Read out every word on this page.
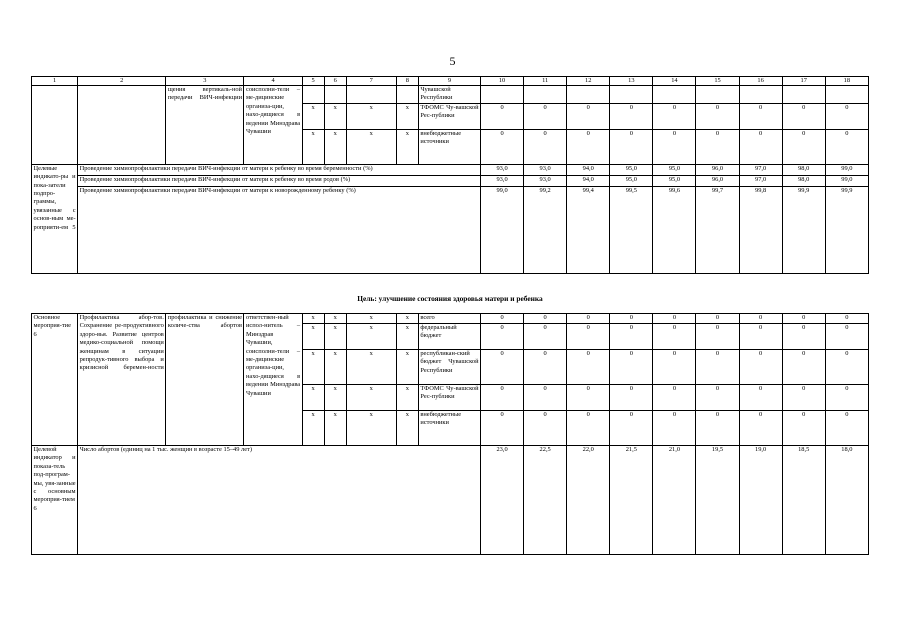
5
1	2	3	4	5	6	7	8	9	10	11	12	13	14	15	16	17	18
		щения вертикаль-ной передачи ВИЧ-инфекции	соисполни-тели – ме-дицинские организа-ции, нахо-дящиеся в ведении Минздрава Чувашии					Чувашской Республики									
				x	x	x	x	ТФОМС Чу-вашской Рес-публики	0	0	0	0	0	0	0	0	0
				x	x	x	x	внебюджетные источники	0	0	0	0	0	0	0	0	0
Целевые индикато-ры и пока-затели подпро-граммы, увязанные с основ-ным ме-роприяти-ем 5	Проведение химиопрофилактики передачи ВИЧ-инфекции от матери к ребенку во время беременности (%)								93,0	93,0	94,0	95,0	95,0	96,0	97,0	98,0	99,0
	Проведение химиопрофилактики передачи ВИЧ-инфекции от матери к ребенку во время родов (%)								93,0	93,0	94,0	95,0	95,0	96,0	97,0	98,0	99,0
	Проведение химиопрофилактики передачи ВИЧ-инфекции от матери к новорожденному ребенку (%)								99,0	99,2	99,4	99,5	99,6	99,7	99,8	99,9	99,9
Цель: улучшение состояния здоровья матери и ребенка
Основное мероприя-тие 6	Профилактика абор-тов. Сохранение ре-продуктивного здоро-вья. Развитие центров медико-социальной помощи женщинам в ситуации репродук-тивного выбора и кризисной беремен-ности	профилактика и снижение количе-ства абортов	ответствен-ный испол-нитель – Минздрав Чувашии, соисполни-тели – ме-дицинские организа-ции, нахо-дящиеся в ведении Минздрава Чувашии	x	x	x	x	всего	0	0	0	0	0	0	0	0	0
				x	x	x	x	федеральный бюджет	0	0	0	0	0	0	0	0	0
				x	x	x	x	республикан-ский бюджет Чувашской Республики	0	0	0	0	0	0	0	0	0
				x	x	x	x	ТФОМС Чу-вашской Рес-публики	0	0	0	0	0	0	0	0	0
				x	x	x	x	внебюджетные источники	0	0	0	0	0	0	0	0	0
Целевой индикатор и показа-тель под-програм-мы, увя-занные с основным мероприя-тием 6	Число абортов (единиц на 1 тыс. женщин в возрасте 15–49 лет)								23,0	22,5	22,0	21,5	21,0	19,5	19,0	18,5	18,0
